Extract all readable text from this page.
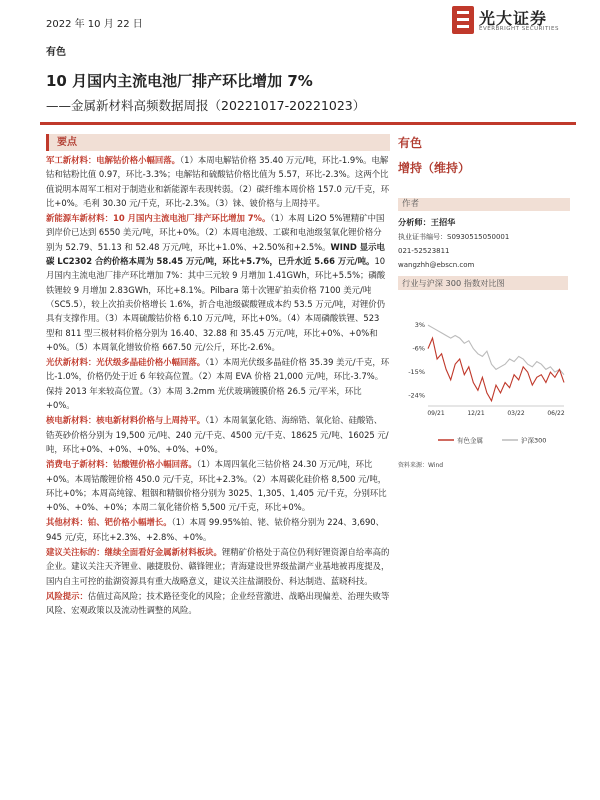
2022 年 10 月 22 日	光大证券
EVERBRIGHT SECURITIES
有色
10 月国内主流电池厂排产环比增加 7%
——金属新材料高频数据周报（20221017-20221023）
要点

军工新材料：电解钴价格小幅回落。（1）本周电解钴价格 35.40 万元/吨，环比-1.9%。电解钴和钴粉比值 0.97，环比-3.3%；电解钴和硫酸钴价格比值为 5.57，环比-2.3%。这两个比值说明本周军工相对于制造业和新能源车表现转弱。（2）碳纤维本周价格 157.0 元/千克，环比+0%。毛利 30.30 元/千克，环比-2.3%。（3）铼、铍价格与上周持平。

新能源车新材料：10 月国内主流电池厂排产环比增加 7%。（1）本周 Li2O 5%锂精矿中国到岸价已达到 6550 美元/吨，环比+0%。（2）本周电池级、工碳和电池级氢氧化锂价格分别为 52.79、51.13 和 52.48 万元/吨，环比+1.0%、+2.50%和+2.5%。WIND 显示电碳 LC2302 合约价格本周为 58.45 万元/吨，环比+5.7%，已升水近 5.66 万元/吨。10 月国内主流电池厂排产环比增加 7%：其中三元较 9 月增加 1.41GWh，环比+5.5%；磷酸铁锂较 9 月增加 2.83GWh，环比+8.1%。Pilbara 第十次锂矿拍卖价格 7100 美元/吨（SC5.5），较上次拍卖价格增长 1.6%，折合电池级碳酸锂成本约 53.5 万元/吨，对锂价仍具有支撑作用。（3）本周硫酸钴价格 6.10 万元/吨，环比+0%。（4）本周磷酸铁锂、523 型和 811 型三极材料价格分别为 16.40、32.88 和 35.45 万元/吨，环比+0%、+0%和+0%。（5）本周氧化镨钕价格 667.50 元/公斤，环比-2.6%。

光伏新材料：光伏级多晶硅价格小幅回落。（1）本周光伏级多晶硅价格 35.39 美元/千克，环比-1.0%，价格仍处于近 6 年较高位置。（2）本周 EVA 价格 21,000 元/吨，环比-3.7%。保持 2013 年来较高位置。（3）本周 3.2mm 光伏玻璃镀膜价格 26.5 元/平米，环比+0%。

核电新材料：核电新材料价格与上周持平。（1）本周氧氯化锆、海绵锆、氧化铪、硅酸锆、锆英砂价格分别为 19,500 元/吨、240 元/千克、4500 元/千克、18625 元/吨、16025 元/吨，环比+0%、+0%、+0%、+0%、+0%。

消费电子新材料：钴酸锂价格小幅回落。（1）本周四氧化三钴价格 24.30 万元/吨，环比+0%。本周钴酸锂价格 450.0 元/千克，环比+2.3%。（2）本周碳化硅价格 8,500 元/吨，环比+0%；本周高纯镓、粗铟和精铟价格分别为 3025、1,305、1,405 元/千克，分别环比+0%、+0%、+0%；本周二氧化锗价格 5,500 元/千克，环比+0%。

其他材料：铂、钯价格小幅增长。（1）本周 99.95%铂、铑、铱价格分别为 224、3,690、945 元/克，环比+2.3%、+2.8%、+0%。

建议关注标的：继续全面看好金属新材料板块。锂精矿价格处于高位仍利好锂资源自给率高的企业。建议关注天齐锂业、融捷股份、赣锋锂业；青海建设世界级盐湖产业基地被再度提及，国内自主可控的盐湖资源具有重大战略意义，建议关注盐湖股份、科达制造、蓝晓科技。

风险提示：估值过高风险；技术路径变化的风险；企业经营激进、战略出现偏差、治理失败等风险、宏观政策以及流动性调整的风险。

有色
增持（维持）
作者
分析师：王招华
执业证书编号：S0930515050001
021-52523811
wangzhh@ebscn.com
行业与沪深 300 指数对比图
3%
-6%
-15%
-24%
09/21	12/21	03/22	06/22
有色金属	沪深300
资料来源：Wind
